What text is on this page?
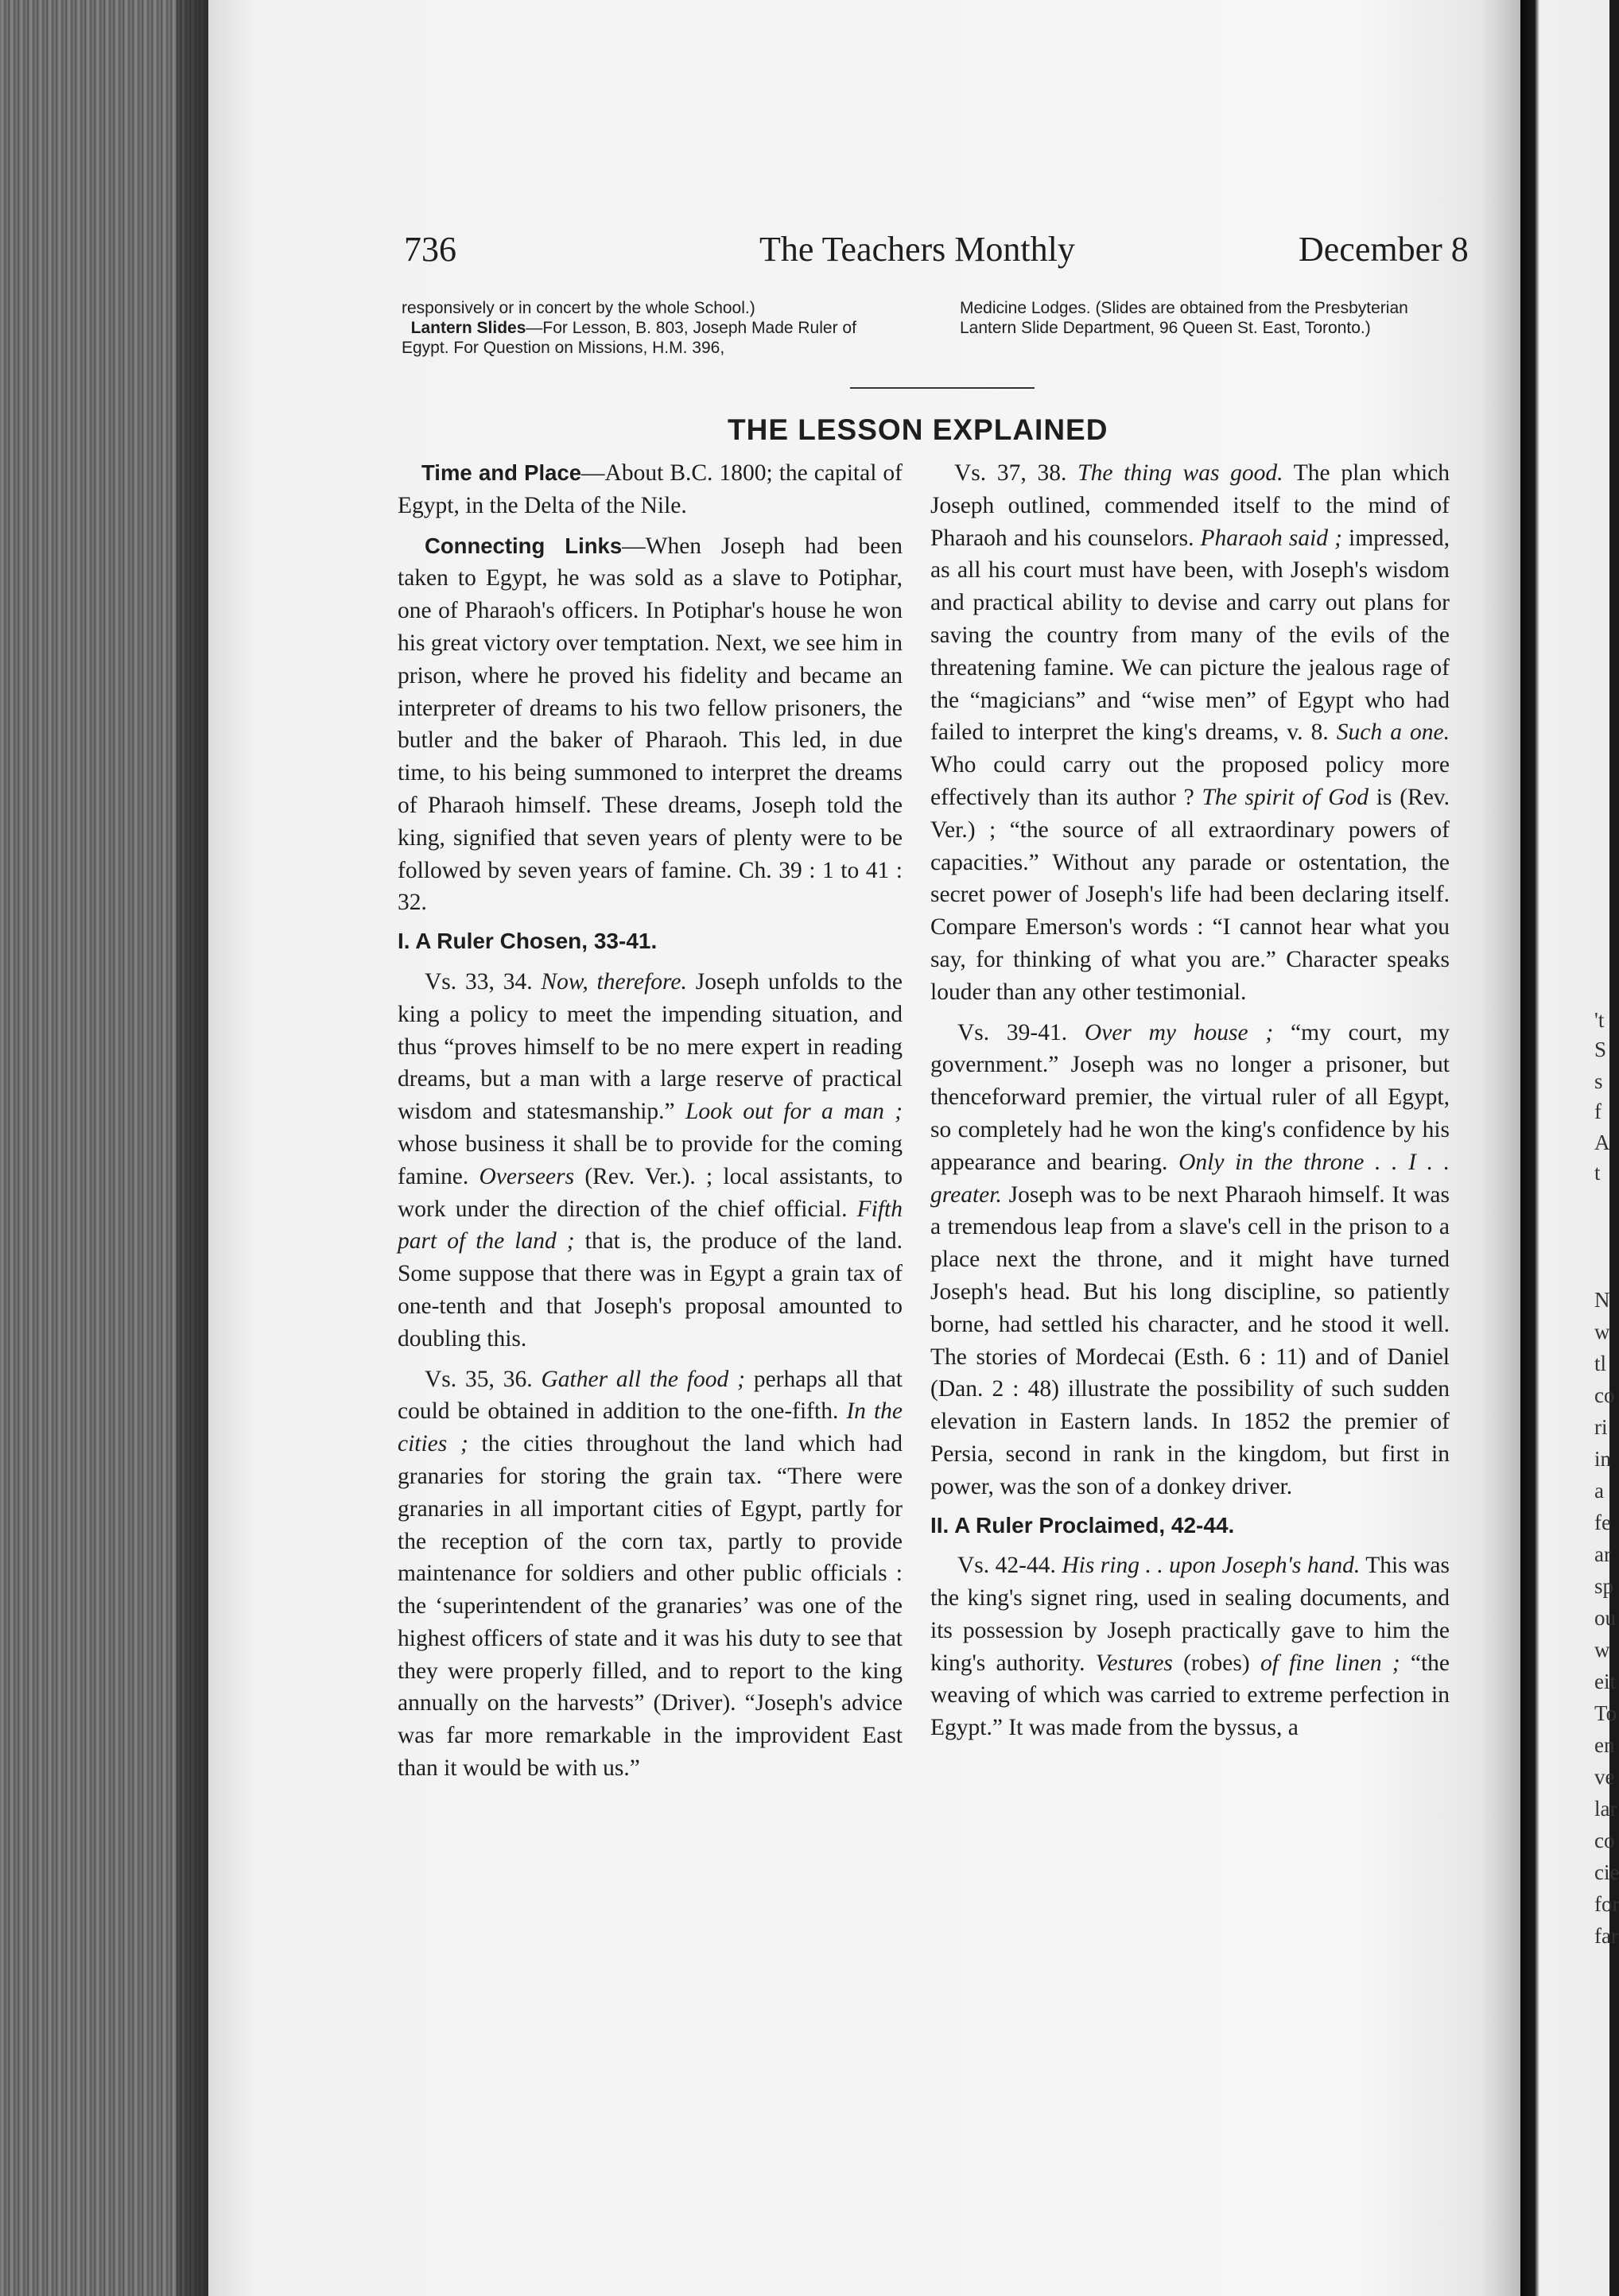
't
S
s
f
A
t
N
w
tl
co
ri
in
a
fe
ar
sp
ou
w
eit
To
en
ve
lar
co
cie
for
far
736	The Teachers Monthly	December 8
responsively or in concert by the whole School.)
Lantern Slides—For Lesson, B. 803, Joseph Made Ruler of Egypt. For Question on Missions, H.M. 396,
Medicine Lodges. (Slides are obtained from the Presbyterian Lantern Slide Department, 96 Queen St. East, Toronto.)
THE LESSON EXPLAINED

Time and Place—About B.C. 1800; the capital of Egypt, in the Delta of the Nile.

Connecting Links—When Joseph had been taken to Egypt, he was sold as a slave to Potiphar, one of Pharaoh's officers. In Potiphar's house he won his great victory over temptation. Next, we see him in prison, where he proved his fidelity and became an interpreter of dreams to his two fellow prisoners, the butler and the baker of Pharaoh. This led, in due time, to his being summoned to interpret the dreams of Pharaoh himself. These dreams, Joseph told the king, signified that seven years of plenty were to be followed by seven years of famine. Ch. 39 : 1 to 41 : 32.

I. A Ruler Chosen, 33-41.

Vs. 33, 34. Now, therefore. Joseph unfolds to the king a policy to meet the impending situation, and thus “proves himself to be no mere expert in reading dreams, but a man with a large reserve of practical wisdom and statesmanship.” Look out for a man ; whose business it shall be to provide for the coming famine. Overseers (Rev. Ver.). ; local assistants, to work under the direction of the chief official. Fifth part of the land ; that is, the produce of the land. Some suppose that there was in Egypt a grain tax of one-tenth and that Joseph's proposal amounted to doubling this.

Vs. 35, 36. Gather all the food ; perhaps all that could be obtained in addition to the one-fifth. In the cities ; the cities throughout the land which had granaries for storing the grain tax. “There were granaries in all important cities of Egypt, partly for the reception of the corn tax, partly to provide maintenance for soldiers and other public officials : the ‘superintendent of the granaries’ was one of the highest officers of state and it was his duty to see that they were properly filled, and to report to the king annually on the harvests” (Driver). “Joseph's advice was far more remarkable in the improvident East than it would be with us.”

Vs. 37, 38. The thing was good. The plan which Joseph outlined, commended itself to the mind of Pharaoh and his counselors. Pharaoh said ; impressed, as all his court must have been, with Joseph's wisdom and practical ability to devise and carry out plans for saving the country from many of the evils of the threatening famine. We can picture the jealous rage of the “magicians” and “wise men” of Egypt who had failed to interpret the king's dreams, v. 8. Such a one. Who could carry out the proposed policy more effectively than its author ? The spirit of God is (Rev. Ver.) ; “the source of all extraordinary powers of capacities.” Without any parade or ostentation, the secret power of Joseph's life had been declaring itself. Compare Emerson's words : “I cannot hear what you say, for thinking of what you are.” Character speaks louder than any other testimonial.

Vs. 39-41. Over my house ; “my court, my government.” Joseph was no longer a prisoner, but thenceforward premier, the virtual ruler of all Egypt, so completely had he won the king's confidence by his appearance and bearing. Only in the throne . . I . . greater. Joseph was to be next Pharaoh himself. It was a tremendous leap from a slave's cell in the prison to a place next the throne, and it might have turned Joseph's head. But his long discipline, so patiently borne, had settled his character, and he stood it well. The stories of Mordecai (Esth. 6 : 11) and of Daniel (Dan. 2 : 48) illustrate the possibility of such sudden elevation in Eastern lands. In 1852 the premier of Persia, second in rank in the kingdom, but first in power, was the son of a donkey driver.

II. A Ruler Proclaimed, 42-44.

Vs. 42-44. His ring . . upon Joseph's hand. This was the king's signet ring, used in sealing documents, and its possession by Joseph practically gave to him the king's authority. Vestures (robes) of fine linen ; “the weaving of which was carried to extreme perfection in Egypt.” It was made from the byssus, a
